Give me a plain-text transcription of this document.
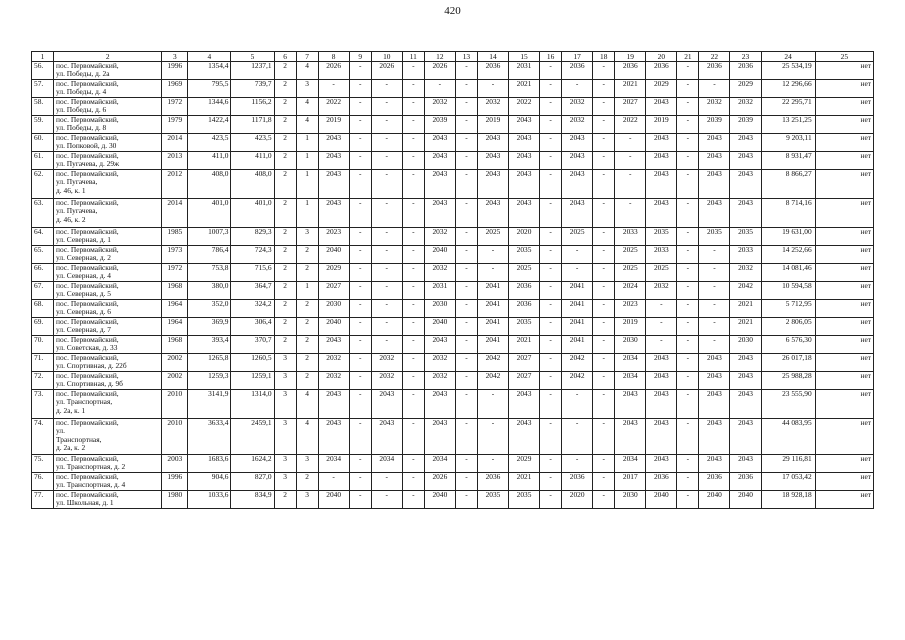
420
1	2	3	4	5	6	7	8	9	10	11	12	13	14	15	16	17	18	19	20	21	22	23	24	25
56.	пос. Первомайский,
ул. Победы, д. 2а	1996	1354,4	1237,1	2	4	2026	-	2026	-	2026	-	2036	2031	-	2036	-	2036	2036	-	2036	2036	25 534,19	нет
57.	пос. Первомайский,
ул. Победы, д. 4	1969	795,5	739,7	2	3	-	-	-	-	-	-	-	2021	-	-	-	2021	2029	-	-	2029	12 296,66	нет
58.	пос. Первомайский,
ул. Победы, д. 6	1972	1344,6	1156,2	2	4	2022	-	-	-	2032	-	2032	2022	-	2032	-	2027	2043	-	2032	2032	22 295,71	нет
59.	пос. Первомайский,
ул. Победы, д. 8	1979	1422,4	1171,8	2	4	2019	-	-	-	2039	-	2019	2043	-	2032	-	2022	2019	-	2039	2039	13 251,25	нет
60.	пос. Первомайский,
ул. Попковой, д. 30	2014	423,5	423,5	2	1	2043	-	-	-	2043	-	2043	2043	-	2043	-	-	2043	-	2043	2043	9 203,11	нет
61.	пос. Первомайский,
ул. Пугачева, д. 29ж	2013	411,0	411,0	2	1	2043	-	-	-	2043	-	2043	2043	-	2043	-	-	2043	-	2043	2043	8 931,47	нет
62.	пос. Первомайский,
ул. Пугачева,
д. 46, к. 1	2012	408,0	408,0	2	1	2043	-	-	-	2043	-	2043	2043	-	2043	-	-	2043	-	2043	2043	8 866,27	нет
63.	пос. Первомайский,
ул. Пугачева,
д. 46, к. 2	2014	401,0	401,0	2	1	2043	-	-	-	2043	-	2043	2043	-	2043	-	-	2043	-	2043	2043	8 714,16	нет
64.	пос. Первомайский,
ул. Северная, д. 1	1985	1007,3	829,3	2	3	2023	-	-	-	2032	-	2025	2020	-	2025	-	2033	2035	-	2035	2035	19 631,00	нет
65.	пос. Первомайский,
ул. Северная, д. 2	1973	786,4	724,3	2	2	2040	-	-	-	2040	-	-	2035	-	-	-	2025	2033	-	-	2033	14 252,66	нет
66.	пос. Первомайский,
ул. Северная, д. 4	1972	753,8	715,6	2	2	2029	-	-	-	2032	-	-	2025	-	-	-	2025	2025	-	-	2032	14 081,46	нет
67.	пос. Первомайский,
ул. Северная, д. 5	1968	380,0	364,7	2	1	2027	-	-	-	2031	-	2041	2036	-	2041	-	2024	2032	-	-	2042	10 594,58	нет
68.	пос. Первомайский,
ул. Северная, д. 6	1964	352,0	324,2	2	2	2030	-	-	-	2030	-	2041	2036	-	2041	-	2023	-	-	-	2021	5 712,95	нет
69.	пос. Первомайский,
ул. Северная, д. 7	1964	369,9	306,4	2	2	2040	-	-	-	2040	-	2041	2035	-	2041	-	2019	-	-	-	2021	2 806,05	нет
70.	пос. Первомайский,
ул. Советская, д. 33	1968	393,4	370,7	2	2	2043	-	-	-	2043	-	2041	2021	-	2041	-	2030	-	-	-	2030	6 576,30	нет
71.	пос. Первомайский,
ул. Спортивная, д. 22б	2002	1265,8	1260,5	3	2	2032	-	2032	-	2032	-	2042	2027	-	2042	-	2034	2043	-	2043	2043	26 017,18	нет
72.	пос. Первомайский,
ул. Спортивная, д. 9б	2002	1259,3	1259,1	3	2	2032	-	2032	-	2032	-	2042	2027	-	2042	-	2034	2043	-	2043	2043	25 988,28	нет
73.	пос. Первомайский,
ул. Транспортная,
д. 2а, к. 1	2010	3141,9	1314,0	3	4	2043	-	2043	-	2043	-	-	2043	-	-	-	2043	2043	-	2043	2043	23 555,90	нет
74.	пос. Первомайский,
ул.
Транспортная,
д. 2а, к. 2	2010	3633,4	2459,1	3	4	2043	-	2043	-	2043	-	-	2043	-	-	-	2043	2043	-	2043	2043	44 083,95	нет
75.	пос. Первомайский,
ул. Транспортная, д. 2	2003	1683,6	1624,2	3	3	2034	-	2034	-	2034	-	-	2029	-	-	-	2034	2043	-	2043	2043	29 116,81	нет
76.	пос. Первомайский,
ул. Транспортная, д. 4	1996	904,6	827,0	3	2	-	-	-	-	2026	-	2036	2021	-	2036	-	2017	2036	-	2036	2036	17 053,42	нет
77.	пос. Первомайский,
ул. Школьная, д. 1	1980	1033,6	834,9	2	3	2040	-	-	-	2040	-	2035	2035	-	2020	-	2030	2040	-	2040	2040	18 928,18	нет
